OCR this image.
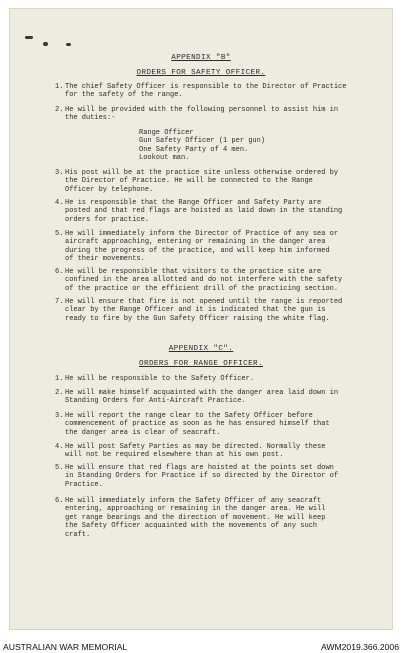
APPENDIX "B"
ORDERS FOR SAFETY OFFICER.
1. The chief Safety Officer is responsible to the Director of Practice
for the safety of the range.
2. He will be provided with the following personnel to assist him in
the duties:-
Range Officer
Gun Safety Officer (1 per gun)
One Safety Party of 4 men.
Lookout man.
3. His post will be at the practice site unless otherwise ordered by
the Director of Practice. He will be connected to the Range
Officer by telephone.
4. He is responsible that the Range Officer and Safety Party are
posted and that red flags are hoisted as laid down in the standing
orders for practice.
5. He will immediately inform the Director of Practice of any sea or
aircraft approaching, entering or remaining in the danger area
during the progress of the practice, and will keep him informed
of their movements.
6. He will be responsible that visitors to the practice site are
confined in the area allotted and do not interfere with the safety
of the practice or the efficient drill of the practicing section.
7. He will ensure that fire is not opened until the range is reported
clear by the Range Officer and it is indicated that the gun is
ready to fire by the Gun Safety Officer raising the white flag.
APPENDIX "C".
ORDERS FOR RANGE OFFICER.
1. He will be responsible to the Safety Officer.
2. He will make himself acquainted with the danger area laid down in
Standing Orders for Anti-Aircraft Practice.
3. He will report the range clear to the Safety Officer before
commencement of practice as soon as he has ensured himself that
the danger area is clear of seacraft.
4. He will post Safety Parties as may be directed. Normally these
will not be required elsewhere than at his own post.
5. He will ensure that red flags are hoisted at the points set down
in Standing Orders for Practice if so directed by the Director of
Practice.
6. He will immediately inform the Safety Officer of any seacraft
entering, approaching or remaining in the danger area. He will
get range bearings and the direction of movement. He will keep
the Safety Officer acquainted with the movements of any such
craft.
AUSTRALIAN WAR MEMORIAL	AWM2019.366.2006
